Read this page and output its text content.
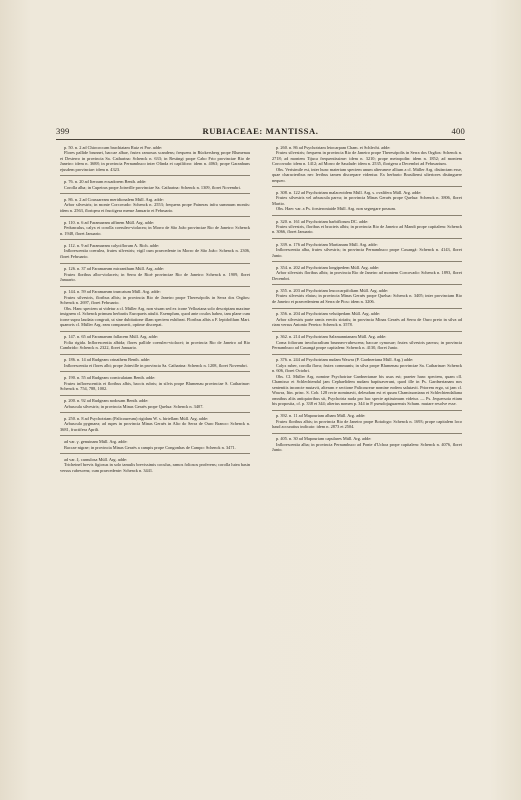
399	RUBIACEAE: MANTISSA.	400

p. 50. n. 2 ad Chiococcam brachiatam Ruiz et Pav. adde:

Flores pallide brunnei, baccae albae, frutex ramosus scandens; frequens in Rückersberg prope Blumenau et Desterro in provincia Sa. Catharina: Schenck n. 633; in Restingt prope Cabo Frio provinciae Rio de Janeiro: idem n. 3688; in provincia Pernambuco inter Olinda et capiliforo: idem n. 4063; prope Garanhuns ejusdem provinciae: idem n. 4323.

p. 76. n. 20 ad Iteroam ecuadorem Benth. adde:

Corolla alba; in Cupeiras prope Joinville provinciae Sa. Catharina: Schenck n. 1309, floret Novembri.

p. 86. n. 2 ad Coussaream meridionalem Müll. Arg. adde:

Arbor silvestris; in monte Corcovado: Schenck n. 2553; frequens prope Paineras infra summum montis: idem n. 2563, floriqera et fructigera mense Januario et Februario.

p. 110. n. 6 ad Faramaeam affinem Müll. Arg. adde:

Pedunculus, calyx et corolla coeruleo-violacea; in Morro de São João provinciae Rio de Janeiro: Schenck n. 1948, floret Januario.

p. 112. n. 9 ad Faramaeam calyciflorum A. Rich. adde:

Inflorescentia coerulea, frutex silvestris; vigil cum praecedente in Morro de São João: Schenck n. 2306, floret Februario.

p. 126. n. 37 ad Faramaeam micranthum Müll. Arg. adde:

Frutex floribus albo-violaceis; in Serra de Rioè provinciae Rio de Janeiro: Schenck n. 1909, floret Januario.

p. 144. n. 59 ad Faramaeam truncatum Müll. Arg. adde:

Frutex silvestris, floribus albis; in provincia Rio de Janeiro prope Theresópolis in Serra dos Orgãos: Schenck n. 2697, floret Februario.

Obs. Hanc speciem ut videtur a cl. Müller Arg. non visam sed ex icone Velloziana solo descriptam maxime insignem cl. Schenck primum herbariis Europaeis attulit. Exemplum, quod ante oculos habeo, tam plane cum icone supra laudata congruit, ut sine dubitatione illam speciem exhibeat. Floribus albis a F. lepidofilum Mart. quamvis cl. Müller Arg. eam comparavit, optime discrepat.

p. 147. n. 65 ad Faramaeam fallacem Müll. Arg. adde:

Folia rigida. Inflorescentia albida; flores pallide coeruleo-violacei; in provincia Rio de Janeiro ad Rio Cambrido: Schenck n. 2322, floret Januario.

p. 186. n. 14 ad Rudgeam crinathem Benth. adde:

Inflorescentia et flores albi; prope Joinville in provincia Sa. Catharina: Schenck n. 1208, floret Novembri.

p. 190. n. 55 ad Rudgeam corniculatam Benth. adde:

Frutex inflorescentiis et floribus albis, baccis rubris; in silvis prope Blumenau provinciae S. Catharinae: Schenck n. 754, 788, 1002.

p. 200. n. 92 ad Rudgeam nodosam Benth. adde:

Arbuscula silvestris; in provincia Minas Geraës prope Quelua: Schenck n. 3407.

p. 250. n. 8 ad Psychotriam (Palicoureum) rigidam W. s. hirtellam Müll. Arg. adde:

Arbuscula pygmaea; ad rupes in provincia Minas Geraës in Alto do Serra de Ouro Branco: Schenck n. 3681, fructifera Aprili.

ad var. γ. genuinam Müll. Arg. adde:

Baccae nigrae; in provincia Minas Geraës a campis prope Congonhas de Campo: Schenck n. 3471.

ad var. ξ. carnulosa Müll. Arg. adde:

Tricheinel brevis figiosus in solo tamulis brevissimis coculus, ramos foliosos proferens; corolla lutea basin versus rubescens; cum praecedente: Schenck n. 3441.

p. 260. n. 86 ad Psychotriam leiocarpam Cham. et Schlecht. adde:

Frutex silvestris; frequens in provincia Rio de Janeiro prope Theresópolis in Serra dos Orgãos: Schenck n. 2718; ad montem Tijuca frequentissime: idem n. 3210; prope metropolin: idem n. 1852; ad montem Corcovado: idem n. 1412; ad Morro de Saudade: idem n. 2535, florigera a Decembri ad Februarium.

Obs. Verisimile est, inter hunc materiam speciem unum alterumve allium a cl. Müller Arg. distinctam esse, quae characteribus nec levibus tamen discrepare videntur. Ex herbario Brasiliensi ulteriores distinguere nequeo.

p. 308. n. 122 ad Psychotriam malaceoidem Müll. Arg. s. ovalifera Müll. Arg. adde:

Frutex silvestris vel arbuscula parva; in provincia Minas Geraës prope Quelua: Schenck n. 3806, floret Martio.

Obs. Haec var. a Ps. forsteroniaide Müll. Arg. non segregare possum.

p. 320. n. 161 ad Psychotriam barbiflorum DC. adde:

Frutex silvestris, floribus et bracteis albis; in provincia Rio de Janeiro ad Mandi prope capitalem: Schenck n. 3066, floret Januario.

p. 339. n. 176 ad Psychotriam Martianam Müll. Arg. adde:

Inflorescentia alba, frutex silvestris; in provincia Pernambuco prope Caxangá: Schenck n. 4143, floret Junio.

p. 354. n. 202 ad Psychotriam longipedem Müll. Arg. adde:

Arbor silvestris floribus albis; in provincia Rio de Janeiro ad montem Corcovado: Schenck n. 1893, floret Decembri.

p. 355. n. 203 ad Psychotriam leucocarpifoliam Müll. Arg. adde:

Frutex silvestris elatus; in provincia Minas Geraës prope Quelua: Schenck n. 3405; inter provinciam Rio de Janeiro et praecedentem ad Serra de Picu: idem n. 3206.

p. 356. n. 204 ad Psychotriam velutipedam Müll. Arg. adde:

Arbor silvestris parte ramis erectis striatis; in provincia Minas Geraës ad Serra de Ouro preto in silva ad riam versus Antonio Pereira: Schenck n. 3578.

p. 362. n. 214 ad Psychotriam Salzmannianam Müll. Arg. adde:

Coma foliorum involucralium brunneo-rubescens; baccae cymosae; frutex silvestris parvus; in provincia Pernambuco ad Caxangá prope capitalem: Schenck n. 4130, floret Junio.

p. 376. n. 244 ad Psychotriam nudam Wawra (P. Gardneriana Müll. Arg.) adde:

Calyx ruber, corolla flava; frutex communis; in silva prope Blumenau provinciae Sa. Catharinae: Schenck n. 606, floret Octobri.

Obs. Cl. Müller Arg. nomine Psychotriae Gardnerianae bis usus est; praeter hanc speciem, quam cll. Chamisso et Schlechtendal jam Cephaelidem nudam baptisaverunt, quod ille in Ps. Gardnerianam nos sententiis inconcte mutavit, alteram e sectione Palicoureae nomine eodem salutavit. Priorem ergo, ut jam cl. Wawra, Itin. princ. S. Cob. 128 recte nominavit, deleudum est et quum Chamissoniana et Schlechtendaliana omnibus aliis antiquioribus sit, Psychotria nuda pro hac specie aptissimum videtur. — Ps. Jequersoia etiam bis proposita, cf. p. 338 et 344; alterius nomen p. 344 in P. pseudojaguarensis Schum. mutare resolve esse.

p. 392. n. 11 ad Mapouriam albam Müll. Arg. adde:

Frutex floribus albis; in provincia Rio de Janeiro prope Botafogo: Schenck n. 1693; prope capitalem loco haud accuratius indicato: idem n. 2873 et 2504.

p. 405. n. 30 ad Mapouriam capulares Müll. Arg. adde:

Inflorescentia alba; in provincia Pernambuco ad Ponte d'Uchoa prope capitalem: Schenck n. 4076, floret Junio.
